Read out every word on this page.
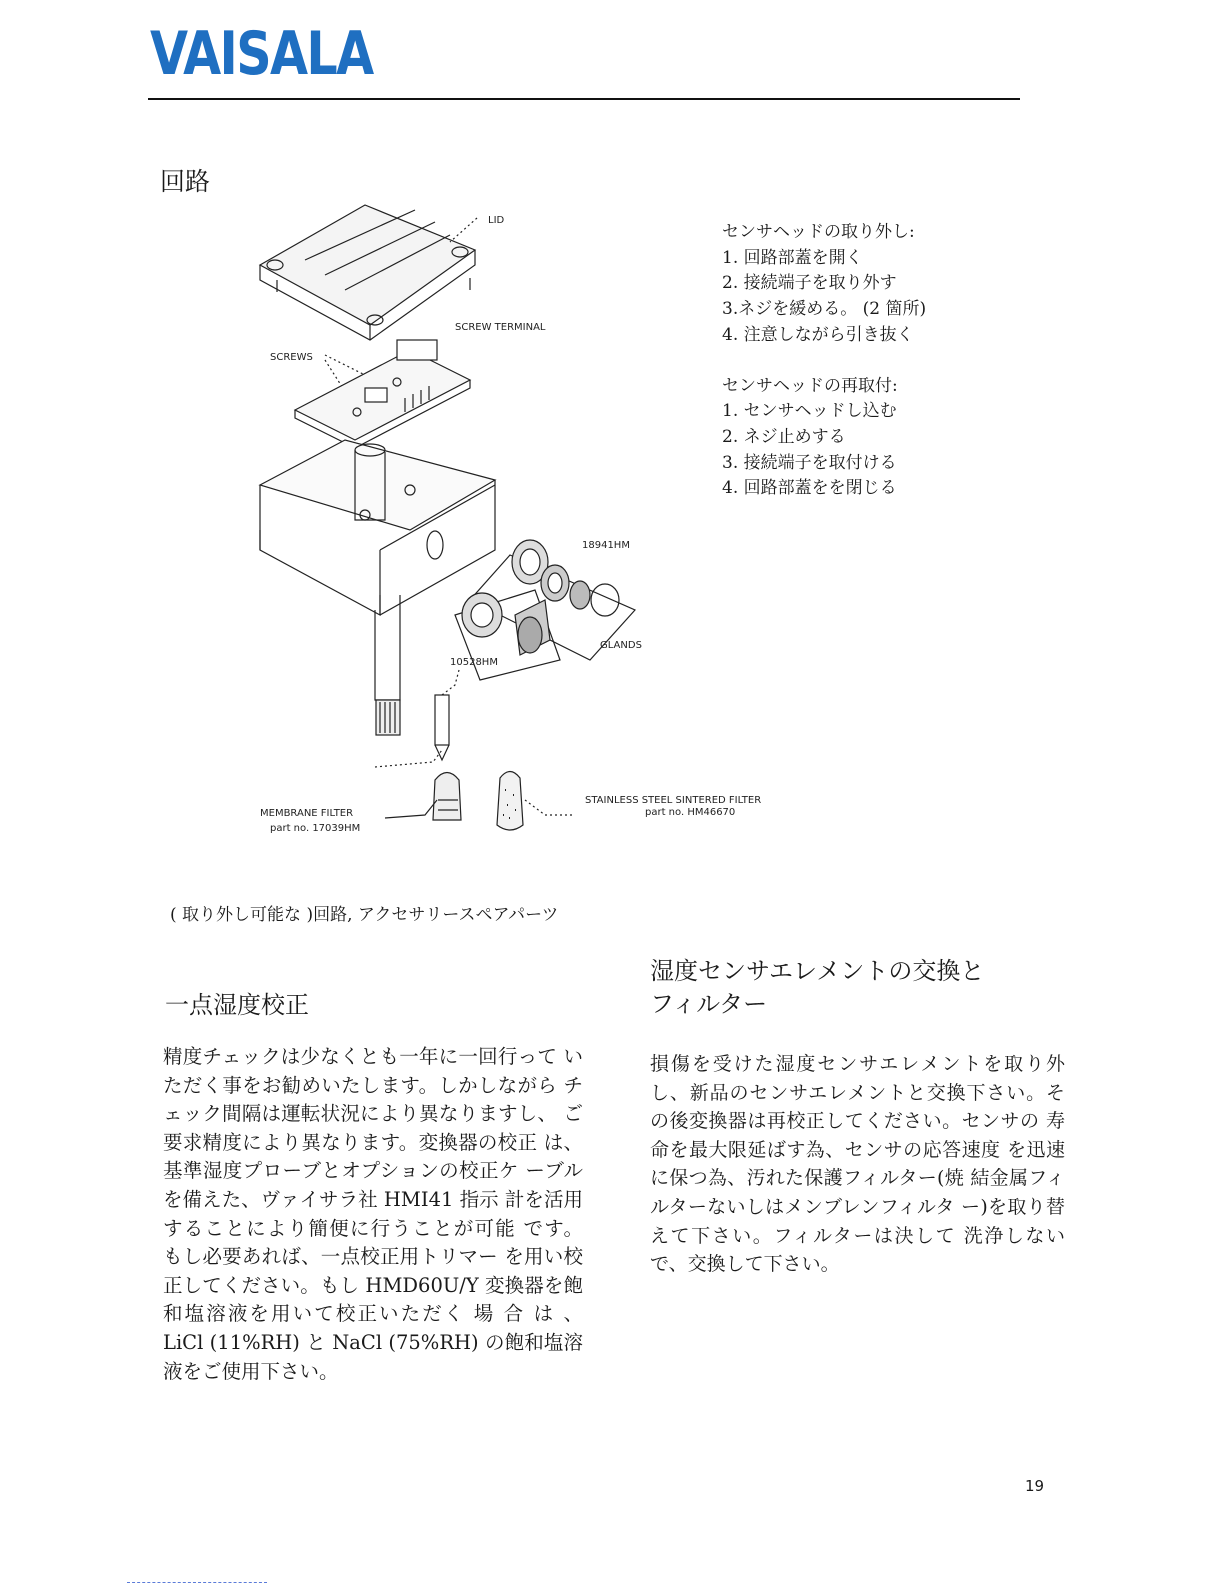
VAISALA
回路
LID
SCREW TERMINAL
SCREWS
18941HM
GLANDS
10528HM
MEMBRANE FILTER
part no. 17039HM
STAINLESS STEEL SINTERED FILTER
part no. HM46670
センサヘッドの取り外し:
1. 回路部蓋を開く
2. 接続端子を取り外す
3.ネジを緩める。 (2 箇所)
4. 注意しながら引き抜く
センサヘッドの再取付:
1. センサヘッドし込む
2. ネジ止めする
3. 接続端子を取付ける
4. 回路部蓋をを閉じる
( 取り外し可能な )回路, アクセサリースペアパーツ
一点湿度校正
精度チェックは少なくとも一年に一回行って いただく事をお勧めいたします。しかしながら チェック間隔は運転状況により異なりますし、 ご要求精度により異なります。変換器の校正 は、基準湿度プローブとオプションの校正ケ ーブルを備えた、ヴァイサラ社 HMI41 指示 計を活用することにより簡便に行うことが可能 です。 もし必要あれば、一点校正用トリマー を用い校正してください。もし HMD60U/Y 変換器を飽和塩溶液を用いて校正いただく 場 合 は 、 LiCl (11%RH) と NaCl (75%RH) の飽和塩溶液をご使用下さい。
湿度センサエレメントの交換と
フィルター
損傷を受けた湿度センサエレメントを取り外 し、新品のセンサエレメントと交換下さい。そ の後変換器は再校正してください。センサの 寿命を最大限延ばす為、センサの応答速度 を迅速に保つ為、汚れた保護フィルター(焼 結金属フィルターないしはメンブレンフィルタ ー)を取り替えて下さい。フィルターは決して 洗浄しないで、交換して下さい。
19
